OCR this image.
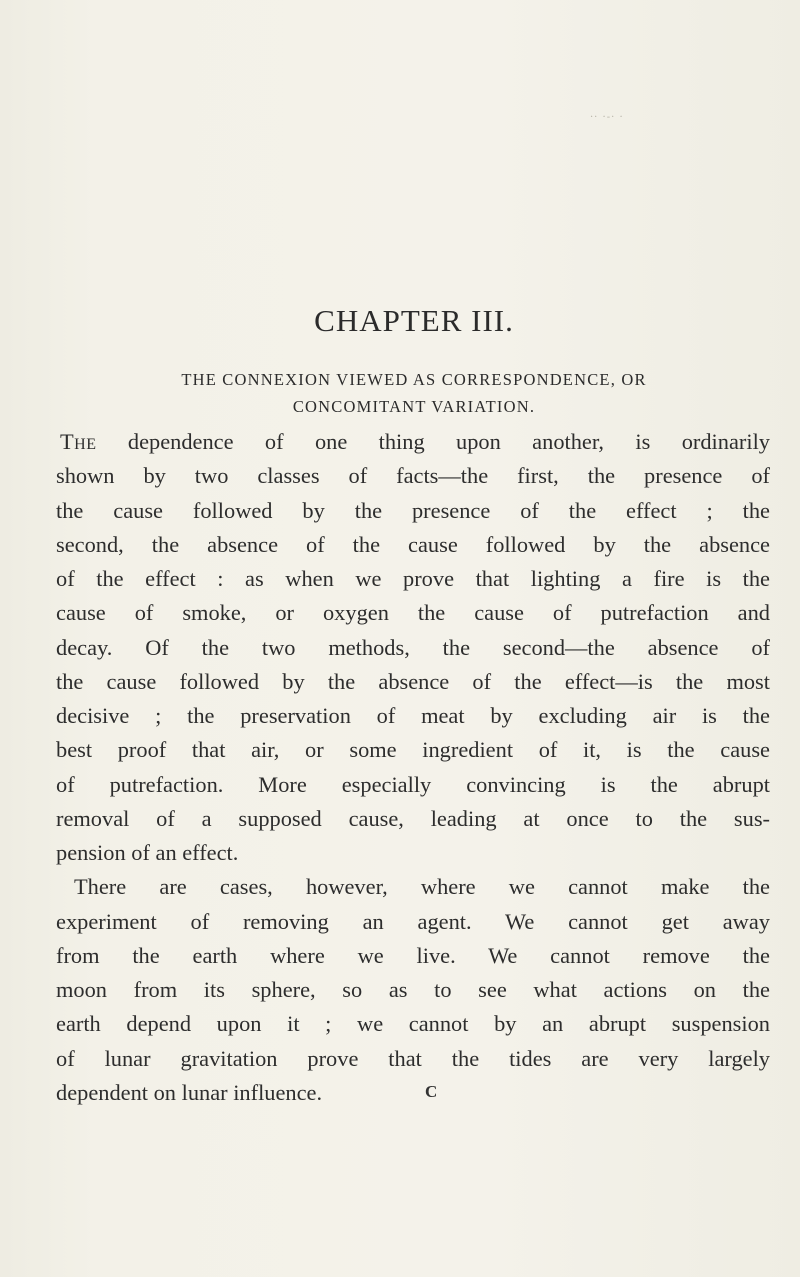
·· ·-· ·
CHAPTER III.
THE CONNEXION VIEWED AS CORRESPONDENCE, OR
CONCOMITANT VARIATION.
The dependence of one thing upon another, is ordinarily
shown by two classes of facts—the first, the presence of
the cause followed by the presence of the effect ; the
second, the absence of the cause followed by the absence
of the effect : as when we prove that lighting a fire is the
cause of smoke, or oxygen the cause of putrefaction and
decay. Of the two methods, the second—the absence of
the cause followed by the absence of the effect—is the most
decisive ; the preservation of meat by excluding air is the
best proof that air, or some ingredient of it, is the cause
of putrefaction. More especially convincing is the abrupt
removal of a supposed cause, leading at once to the sus-
pension of an effect.
There are cases, however, where we cannot make the
experiment of removing an agent. We cannot get away
from the earth where we live. We cannot remove the
moon from its sphere, so as to see what actions on the
earth depend upon it ; we cannot by an abrupt suspension
of lunar gravitation prove that the tides are very largely
dependent on lunar influence.	C
